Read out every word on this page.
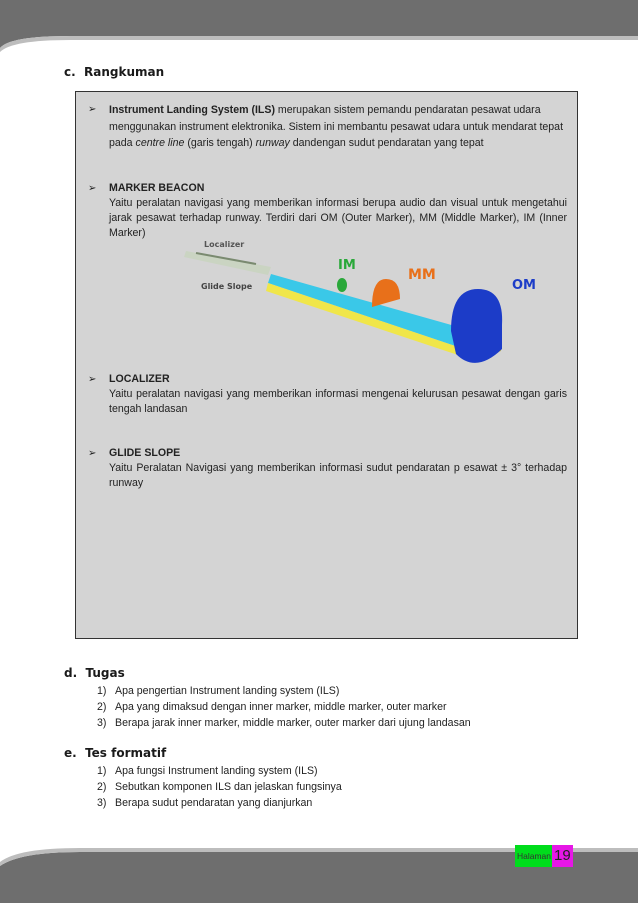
c. Rangkuman
➢ Instrument Landing System (ILS) merupakan sistem pemandu pendaratan pesawat udara menggunakan instrument elektronika. Sistem ini membantu pesawat udara untuk mendarat tepat pada centre line (garis tengah) runway dandengan sudut pendaratan yang tepat
➢ MARKER BEACON
Yaitu peralatan navigasi yang memberikan informasi berupa audio dan visual untuk mengetahui jarak pesawat terhadap runway. Terdiri dari OM (Outer Marker), MM (Middle Marker), IM (Inner Marker)
Localizer
Glide Slope
IM
MM
OM
➢ LOCALIZER
Yaitu peralatan navigasi yang memberikan informasi mengenai kelurusan pesawat dengan garis tengah landasan
➢ GLIDE SLOPE
Yaitu Peralatan Navigasi yang memberikan informasi sudut pendaratan p esawat ± 3° terhadap runway
d. Tugas
1) Apa pengertian Instrument landing system (ILS)
2) Apa yang dimaksud dengan inner marker, middle marker, outer marker
3) Berapa jarak inner marker, middle marker, outer marker dari ujung landasan
e. Tes formatif
1) Apa fungsi Instrument landing system (ILS)
2) Sebutkan komponen ILS dan jelaskan fungsinya
3) Berapa sudut pendaratan yang dianjurkan
Halaman 19
